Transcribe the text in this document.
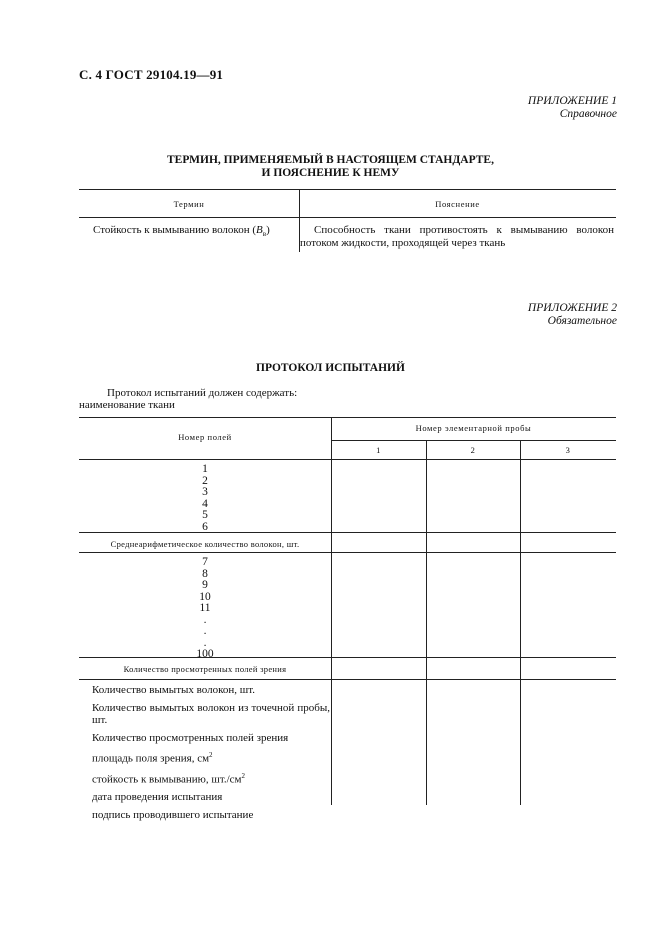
С. 4 ГОСТ 29104.19—91
ПРИЛОЖЕНИЕ 1
Справочное
ТЕРМИН, ПРИМЕНЯЕМЫЙ В НАСТОЯЩЕМ СТАНДАРТЕ,
И ПОЯСНЕНИЕ К НЕМУ
Термин	Пояснение
Стойкость к вымыванию волокон $(B_в)$	Способность ткани противостоять к вымыванию волокон потоком жидкости, проходящей через ткань
ПРИЛОЖЕНИЕ 2
Обязательное
ПРОТОКОЛ ИСПЫТАНИЙ
Протокол испытаний должен содержать:
наименование ткани
Номер полей
Номер элементарной пробы
1	2	3
1
2
3
4
5
6
Среднеарифметическое количество волокон, шт.
7
8
9
10
11
.
.
.
100
Количество просмотренных полей зрения
Количество вымытых волокон, шт.
Количество вымытых волокон из точечной пробы, шт.
Количество просмотренных полей зрения
площадь поля зрения, $см^2$
стойкость к вымыванию, $шт./см^2$
дата проведения испытания
подпись проводившего испытание
